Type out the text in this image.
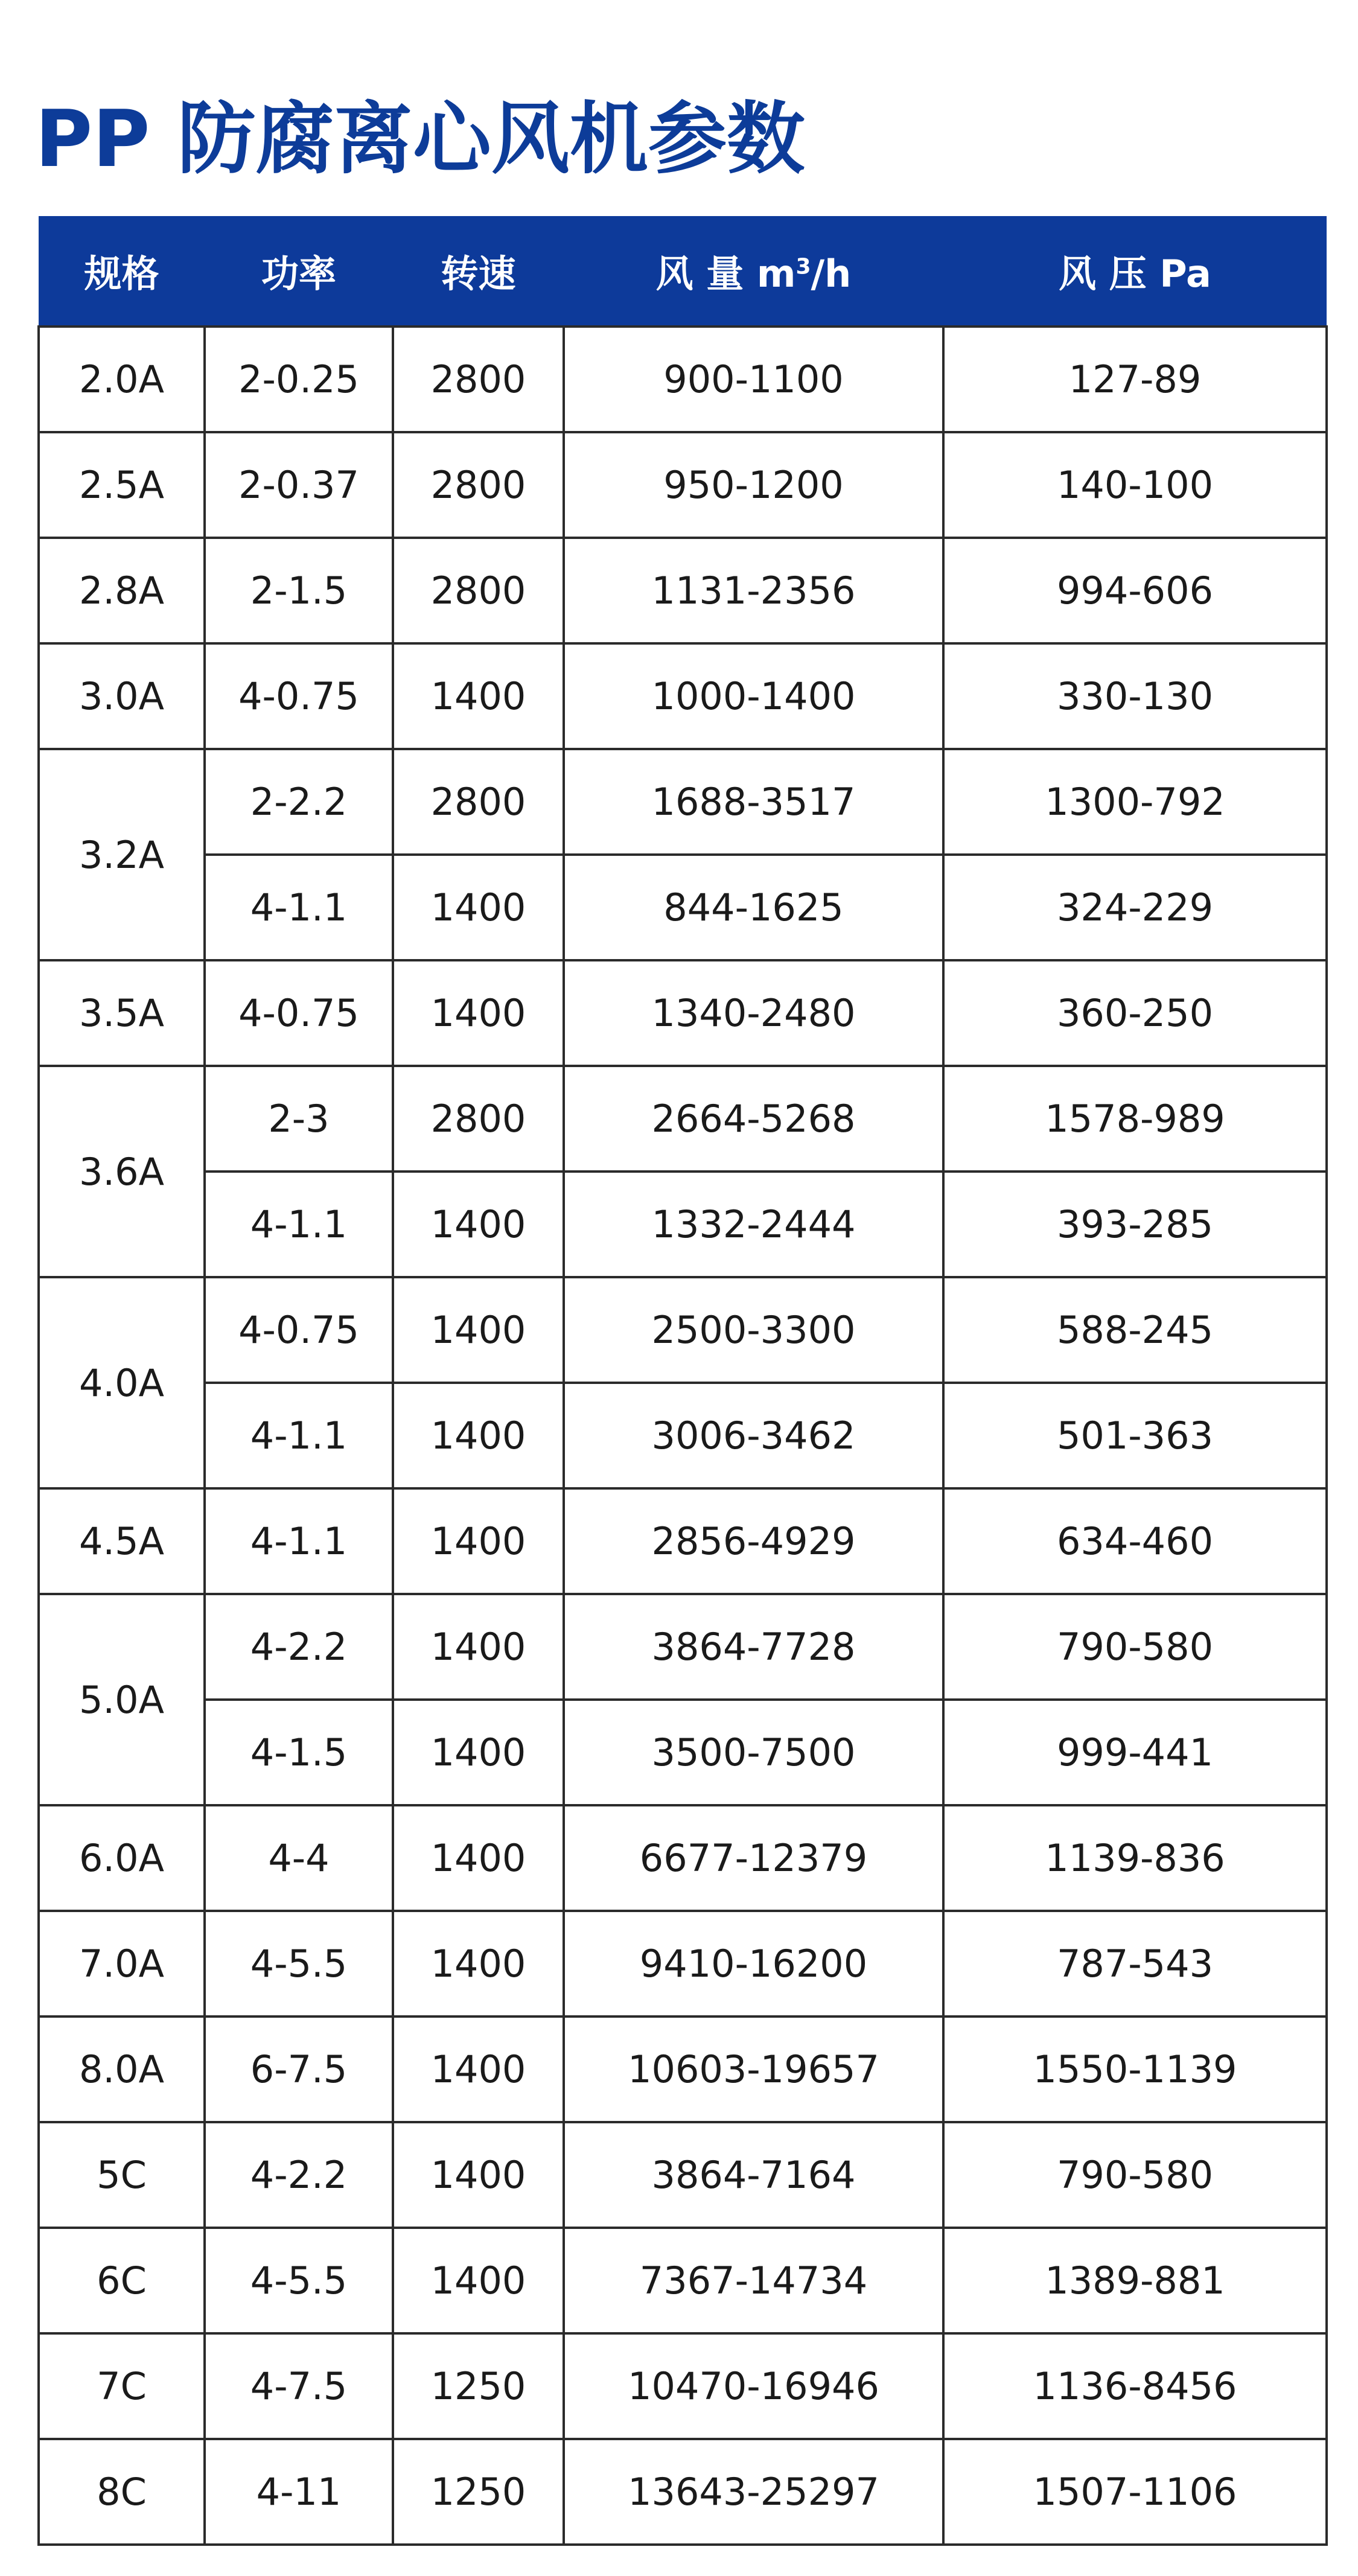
PP 防腐离心风机参数
规格	功率	转速	风 量 $m^3/h$	风 压 Pa
2.0A	2-0.25	2800	900-1100	127-89
2.5A	2-0.37	2800	950-1200	140-100
2.8A	2-1.5	2800	1131-2356	994-606
3.0A	4-0.75	1400	1000-1400	330-130
3.2A	2-2.2	2800	1688-3517	1300-792
	4-1.1	1400	844-1625	324-229
3.5A	4-0.75	1400	1340-2480	360-250
3.6A	2-3	2800	2664-5268	1578-989
	4-1.1	1400	1332-2444	393-285
4.0A	4-0.75	1400	2500-3300	588-245
	4-1.1	1400	3006-3462	501-363
4.5A	4-1.1	1400	2856-4929	634-460
5.0A	4-2.2	1400	3864-7728	790-580
	4-1.5	1400	3500-7500	999-441
6.0A	4-4	1400	6677-12379	1139-836
7.0A	4-5.5	1400	9410-16200	787-543
8.0A	6-7.5	1400	10603-19657	1550-1139
5C	4-2.2	1400	3864-7164	790-580
6C	4-5.5	1400	7367-14734	1389-881
7C	4-7.5	1250	10470-16946	1136-8456
8C	4-11	1250	13643-25297	1507-1106
